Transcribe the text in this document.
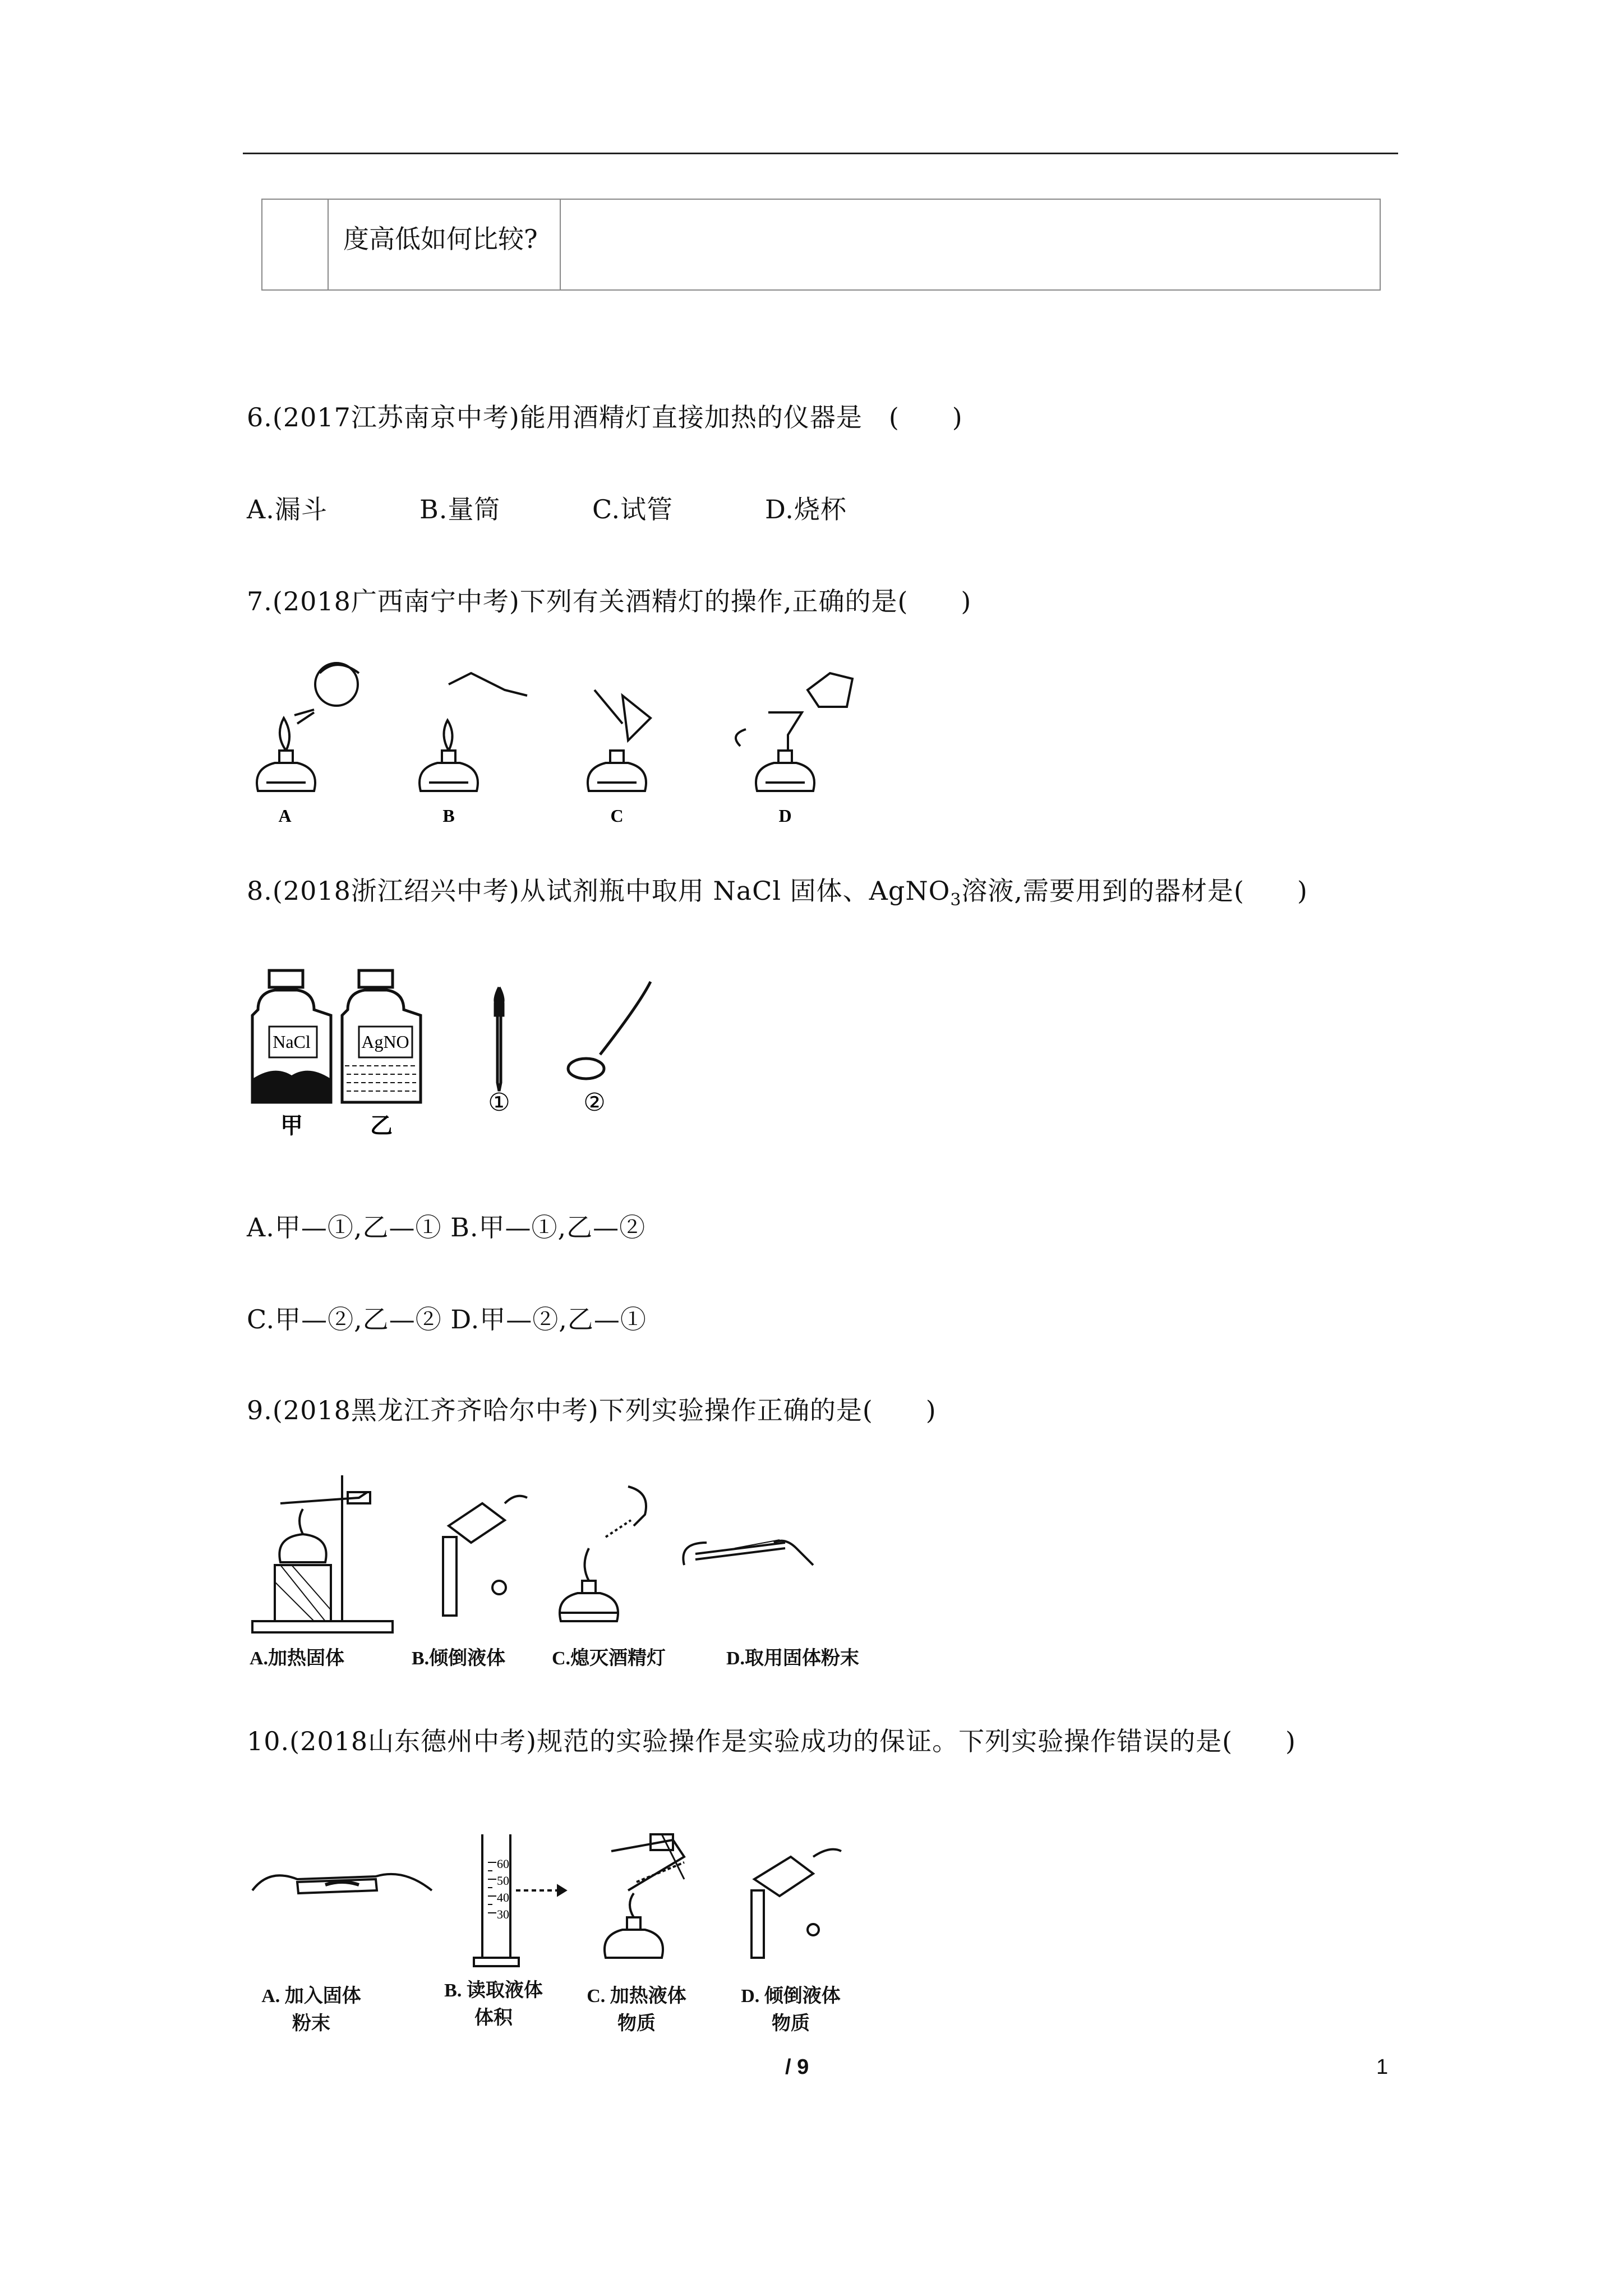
	度高低如何比较?	
6.(2017江苏南京中考)能用酒精灯直接加热的仪器是　(　　)
A.漏斗	B.量筒	C.试管	D.烧杯
7.(2018广西南宁中考)下列有关酒精灯的操作,正确的是(　　)
A	B	C	D
8.(2018浙江绍兴中考)从试剂瓶中取用 NaCl 固体、AgNO$_3$溶液,需要用到的器材是(　　)
NaCl	AgNO
甲	乙
①	②
A.甲—①,乙—① B.甲—①,乙—②
C.甲—②,乙—② D.甲—②,乙—①
9.(2018黑龙江齐齐哈尔中考)下列实验操作正确的是(　　)
A.加热固体	B.倾倒液体 C.熄灭酒精灯	D.取用固体粉末
10.(2018山东德州中考)规范的实验操作是实验成功的保证。下列实验操作错误的是(　　)
60
50
40
30
A. 加入固体
粉末
B. 读取液体
体积
C. 加热液体
物质
D. 倾倒液体
物质
/ 9	1
